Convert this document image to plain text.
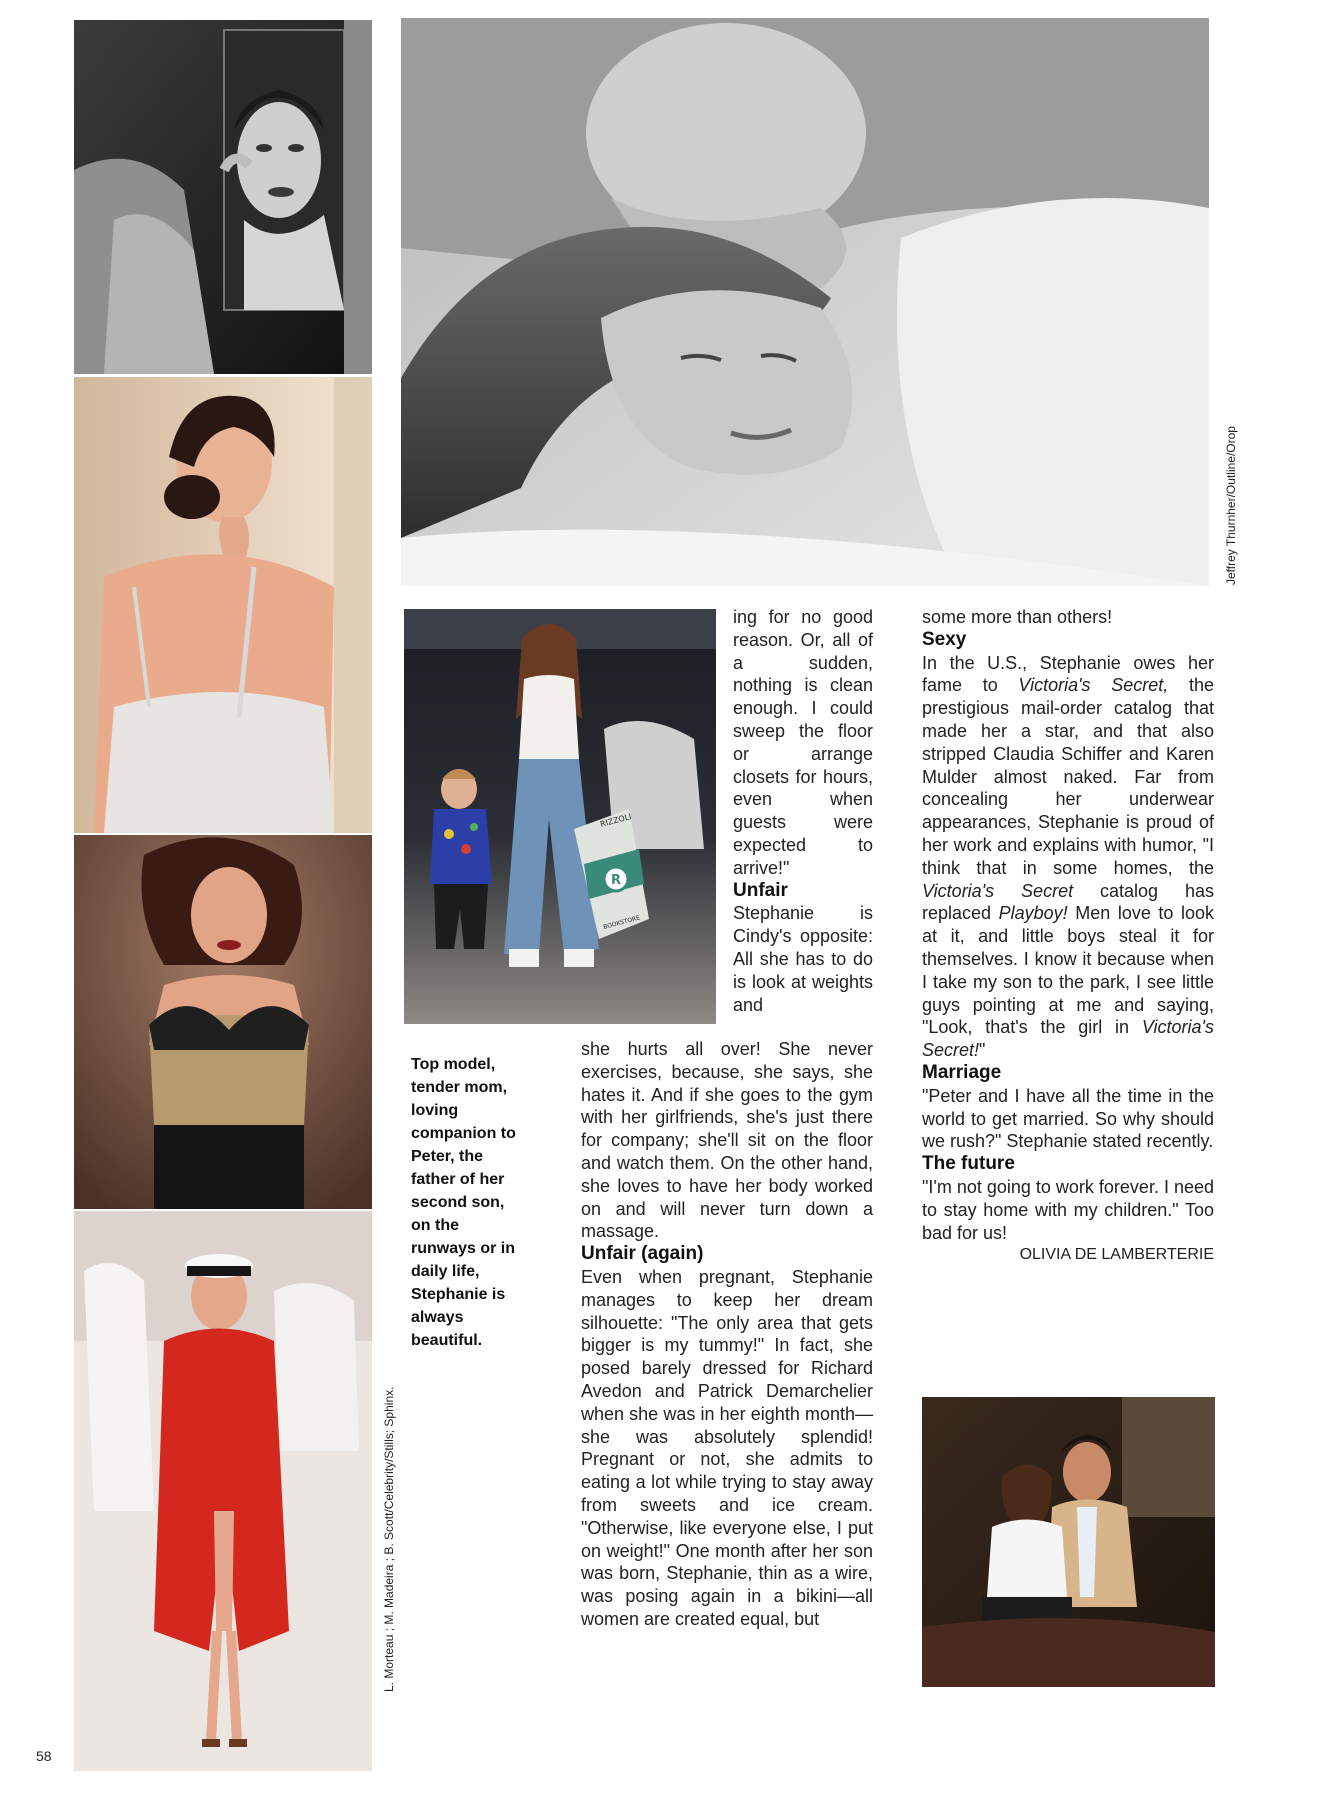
Jeffrey Thurnher/Outline/Orop
R
RIZZOLI
BOOKSTORE
Top model, tender mom, loving companion to Peter, the father of her second son, on the runways or in daily life, Stephanie is always beautiful.

ing for no good reason. Or, all of a sudden, nothing is clean enough. I could sweep the floor or arrange closets for hours, even when guests were expected to arrive!"

Unfair

Stephanie is Cindy's opposite: All she has to do is look at weights and

she hurts all over! She never exercises, because, she says, she hates it. And if she goes to the gym with her girlfriends, she's just there for company; she'll sit on the floor and watch them. On the other hand, she loves to have her body worked on and will never turn down a massage.

Unfair (again)

Even when pregnant, Stephanie manages to keep her dream silhouette: "The only area that gets bigger is my tummy!" In fact, she posed barely dressed for Richard Avedon and Patrick Demarchelier when she was in her eighth month—she was absolutely splendid! Pregnant or not, she admits to eating a lot while trying to stay away from sweets and ice cream. "Otherwise, like everyone else, I put on weight!" One month after her son was born, Stephanie, thin as a wire, was posing again in a bikini—all women are created equal, but

some more than others!

Sexy

In the U.S., Stephanie owes her fame to Victoria's Secret, the prestigious mail-order catalog that made her a star, and that also stripped Claudia Schiffer and Karen Mulder almost naked. Far from concealing her underwear appearances, Stephanie is proud of her work and explains with humor, "I think that in some homes, the Victoria's Secret catalog has replaced Playboy! Men love to look at it, and little boys steal it for themselves. I know it because when I take my son to the park, I see little guys pointing at me and saying, "Look, that's the girl in Victoria's Secret!"

Marriage

"Peter and I have all the time in the world to get married. So why should we rush?" Stephanie stated recently.

The future

"I'm not going to work forever. I need to stay home with my children." Too bad for us!

OLIVIA DE LAMBERTERIE

L. Morteau ; M. Madeira ; B. Scott/Celebrity/Stills; Sphinx.
58
